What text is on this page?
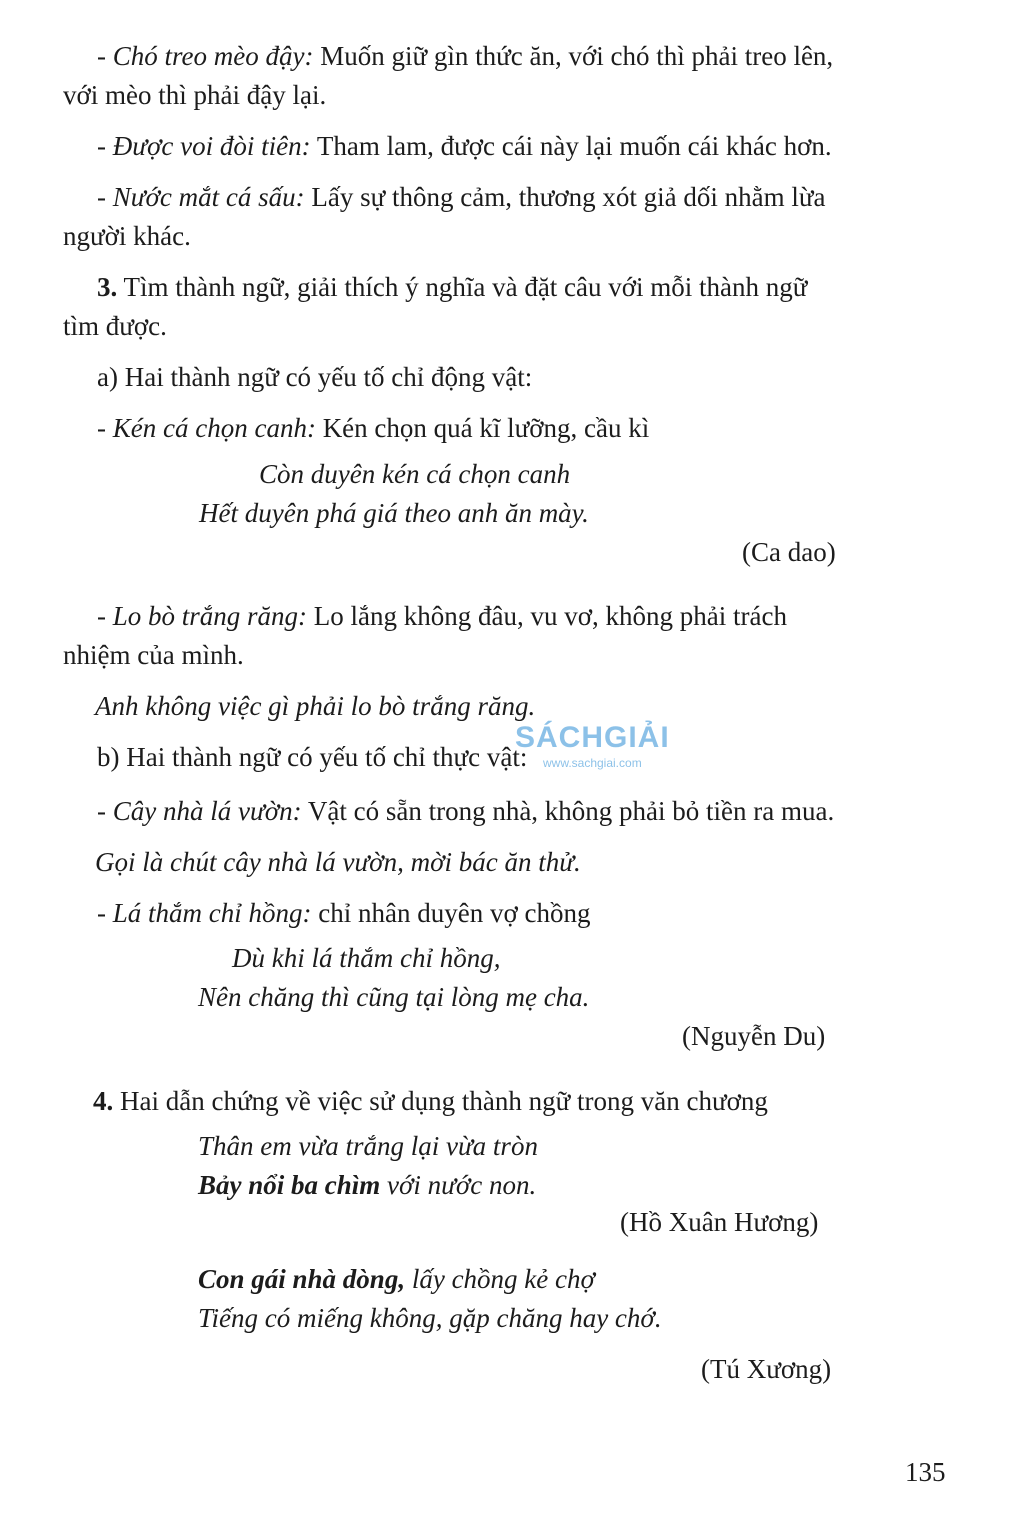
- Chó treo mèo đậy: Muốn giữ gìn thức ăn, với chó thì phải treo lên,
với mèo thì phải đậy lại.
- Được voi đòi tiên: Tham lam, được cái này lại muốn cái khác hơn.
- Nước mắt cá sấu: Lấy sự thông cảm, thương xót giả dối nhằm lừa
người khác.
3. Tìm thành ngữ, giải thích ý nghĩa và đặt câu với mỗi thành ngữ
tìm được.
a) Hai thành ngữ có yếu tố chỉ động vật:
- Kén cá chọn canh: Kén chọn quá kĩ lưỡng, cầu kì
Còn duyên kén cá chọn canh
Hết duyên phá giá theo anh ăn mày.
(Ca dao)
- Lo bò trắng răng: Lo lắng không đâu, vu vơ, không phải trách
nhiệm của mình.
Anh không việc gì phải lo bò trắng răng.
b) Hai thành ngữ có yếu tố chỉ thực vật:
- Cây nhà lá vườn: Vật có sẵn trong nhà, không phải bỏ tiền ra mua.
Gọi là chút cây nhà lá vườn, mời bác ăn thử.
- Lá thắm chỉ hồng: chỉ nhân duyên vợ chồng
Dù khi lá thắm chỉ hồng,
Nên chăng thì cũng tại lòng mẹ cha.
(Nguyễn Du)
4. Hai dẫn chứng về việc sử dụng thành ngữ trong văn chương
Thân em vừa trắng lại vừa tròn
Bảy nổi ba chìm với nước non.
(Hồ Xuân Hương)
Con gái nhà dòng, lấy chồng kẻ chợ
Tiếng có miếng không, gặp chăng hay chớ.
(Tú Xương)
SÁCHGIẢI
www.sachgiai.com
135
